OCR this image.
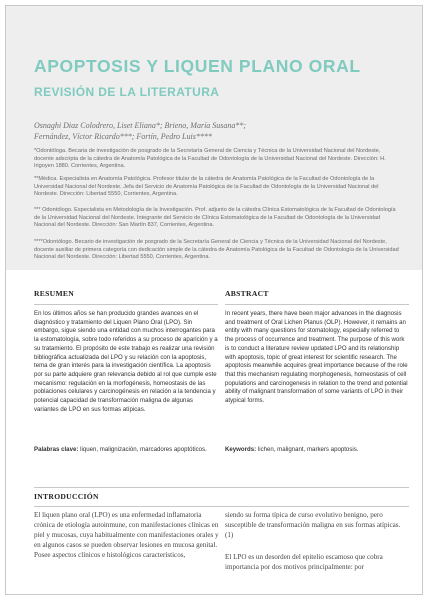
APOPTOSIS Y LIQUEN PLANO ORAL
REVISIÓN DE LA LITERATURA
Osnaghi Diaz Colodrero, Liset Eliana*; Brieno, María Susana**;
Fernández, Víctor Ricardo***; Fortín, Pedro Luis****
*Odontóloga. Becaria de investigación de posgrado de la Secretaría General de Ciencia y Técnica de la Universidad Nacional del Nordeste, docente adscripta de la cátedra de Anatomía Patológica de la Facultad de Odontología de la Universidad Nacional del Nordeste. Dirección: H. Irigoyen 1880. Corrientes, Argentina.
**Médica. Especialista en Anatomía Patológica. Profesor titular de la cátedra de Anatomía Patológica de la Facultad de Odontología de la Universidad Nacional del Nordeste. Jefa del Servicio de Anatomía Patológica de la Facultad de Odontología de la Universidad Nacional del Nordeste. Dirección: Libertad 5550, Corrientes, Argentina.
*** Odontólogo. Especialista en Metodología de la Investigación. Prof. adjunto de la cátedra Clínica Estomatológica de la Facultad de Odontología de la Universidad Nacional del Nordeste. Integrante del Servicio de Clínica Estomatológica de la Facultad de Odontología de la Universidad Nacional del Nordeste. Dirección: San Martín 837, Corrientes, Argentina.
****Odontólogo. Becario de investigación de posgrado de la Secretaría General de Ciencia y Técnica de la Universidad Nacional del Nordeste, docente auxiliar de primera categoría con dedicación simple de la cátedra de Anatomía Patológica de la Facultad de Odontología de la Universidad Nacional del Nordeste. Dirección: Libertad 5550, Corrientes, Argentina.
RESUMEN

En los últimos años se han producido grandes avances en el diagnóstico y tratamiento del Liquen Plano Oral (LPO). Sin embargo, sigue siendo una entidad con muchos interrogantes para la estomatología, sobre todo referidos a su proceso de aparición y a su tratamiento. El propósito de este trabajo es realizar una revisión bibliográfica actualizada del LPO y su relación con la apoptosis, tema de gran interés para la investigación científica. La apoptosis por su parte adquiere gran relevancia debido al rol que cumple este mecanismo: regulación en la morfogénesis, homeostasis de las poblaciones celulares y carcinogénesis en relación a la tendencia y potencial capacidad de transformación maligna de algunas variantes de LPO en sus formas atípicas.

Palabras clave: liquen, malignización, marcadores apoptóticos.
ABSTRACT

In recent years, there have been major advances in the diagnosis and treatment of Oral Lichen Planus (OLP). However, it remains an entity with many questions for stomatology, especially referred to the process of occurrence and treatment. The purpose of this work is to conduct a literature review updated LPO and its relationship with apoptosis, topic of great interest for scientific research. The apoptosis meanwhile acquires great importance because of the role that this mechanism regulating morphogenesis, homeostasis of cell populations and carcinogenesis in relation to the trend and potential ability of malignant transformation of some variants of LPO in their atypical forms.

Keywords: lichen, malignant, markers apoptosis.
INTRODUCCIÓN

El liquen plano oral (LPO) es una enfermedad inflamatoria crónica de etiología autoinmune, con manifestaciones clínicas en piel y mucosas, cuya habitualmente con manifestaciones orales y en algunos casos se pueden observar lesiones en mucosa genital. Posee aspectos clínicos e histológicos característicos,

siendo su forma típica de curso evolutivo benigno, pero susceptible de transformación maligna en sus formas atípicas. (1)

El LPO es un desorden del epitelio escamoso que cobra importancia por dos motivos principalmente: por
